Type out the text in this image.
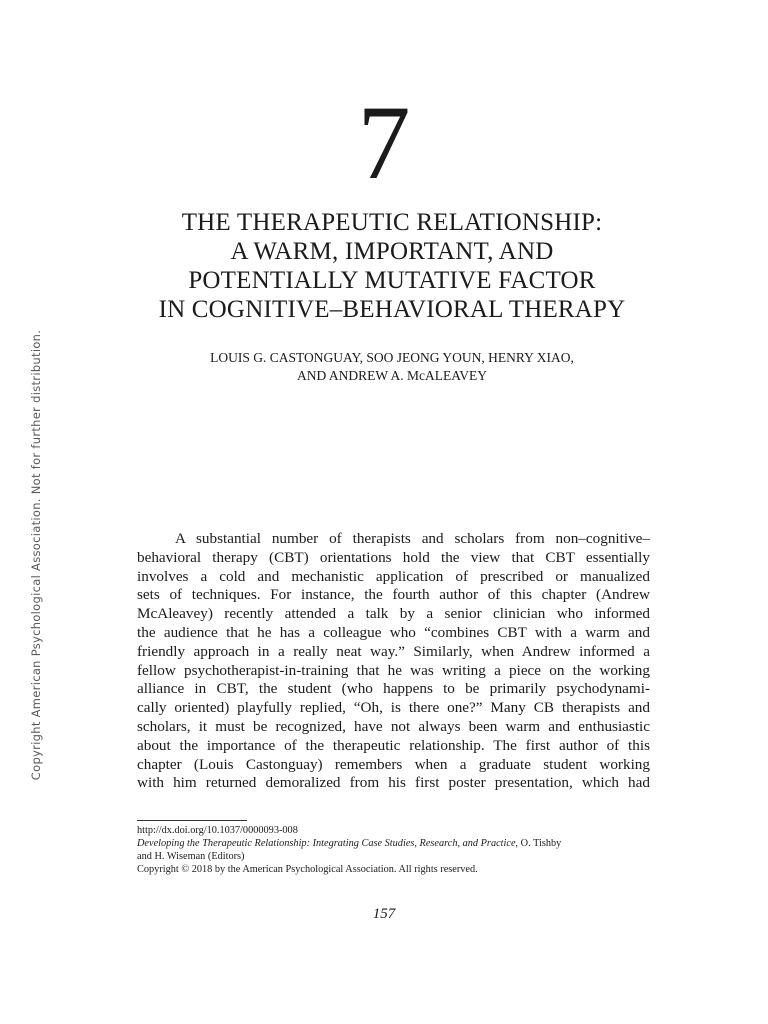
Copyright American Psychological Association. Not for further distribution.
7
THE THERAPEUTIC RELATIONSHIP:
A WARM, IMPORTANT, AND
POTENTIALLY MUTATIVE FACTOR
IN COGNITIVE–BEHAVIORAL THERAPY
LOUIS G. CASTONGUAY, SOO JEONG YOUN, HENRY XIAO,
AND ANDREW A. McALEAVEY

A substantial number of therapists and scholars from non–cognitive–
behavioral therapy (CBT) orientations hold the view that CBT essentially
involves a cold and mechanistic application of prescribed or manualized
sets of techniques. For instance, the fourth author of this chapter (Andrew
McAleavey) recently attended a talk by a senior clinician who informed
the audience that he has a colleague who “combines CBT with a warm and
friendly approach in a really neat way.” Similarly, when Andrew informed a
fellow psychotherapist-in-training that he was writing a piece on the working
alliance in CBT, the student (who happens to be primarily psychodynami-
cally oriented) playfully replied, “Oh, is there one?” Many CB therapists and
scholars, it must be recognized, have not always been warm and enthusiastic
about the importance of the therapeutic relationship. The first author of this
chapter (Louis Castonguay) remembers when a graduate student working
with him returned demoralized from his first poster presentation, which had

http://dx.doi.org/10.1037/0000093-008
Developing the Therapeutic Relationship: Integrating Case Studies, Research, and Practice, O. Tishby
and H. Wiseman (Editors)
Copyright © 2018 by the American Psychological Association. All rights reserved.
157
